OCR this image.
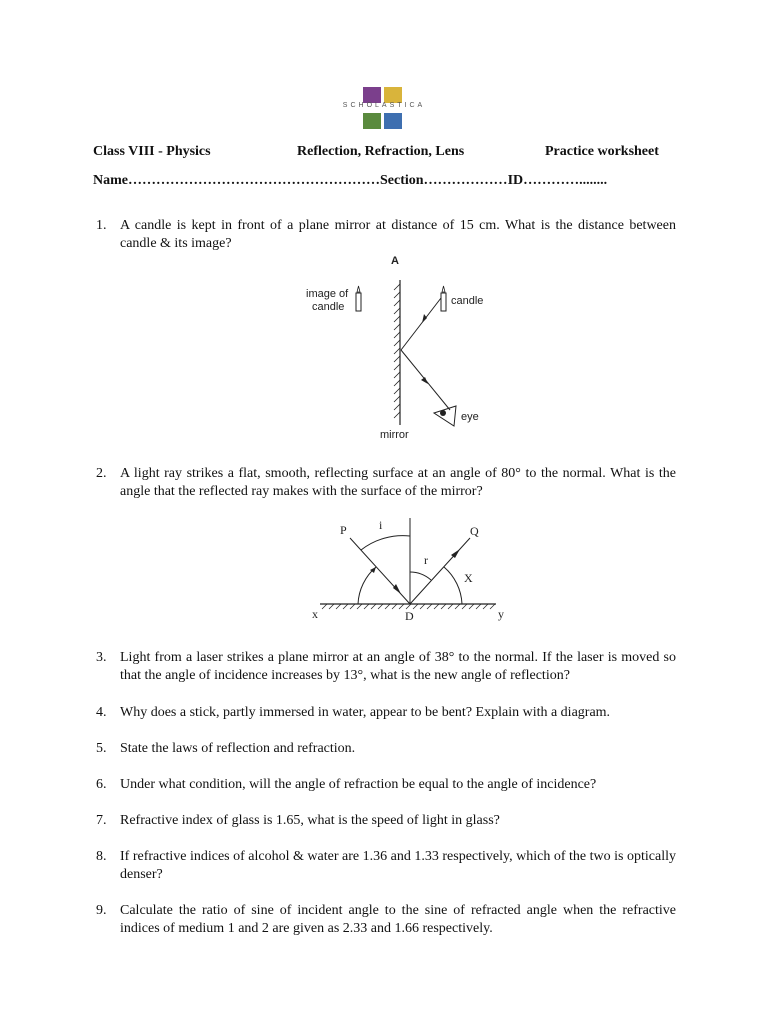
SCHOLASTICA
Class VIII - Physics	Reflection, Refraction, Lens	Practice worksheet
Name………………………………………………Section………………ID…………........
1. A candle is kept in front of a plane mirror at distance of 15 cm. What is the distance between candle & its image?
A
image of
candle	candle
eye
mirror
2. A light ray strikes a flat, smooth, reflecting surface at an angle of 80° to the normal. What is the angle that the reflected ray makes with the surface of the mirror?
P	i	Q
r
X
x	D	y
3. Light from a laser strikes a plane mirror at an angle of 38° to the normal. If the laser is moved so that the angle of incidence increases by 13°, what is the new angle of reflection?
4. Why does a stick, partly immersed in water, appear to be bent? Explain with a diagram.
5. State the laws of reflection and refraction.
6. Under what condition, will the angle of refraction be equal to the angle of incidence?
7. Refractive index of glass is 1.65, what is the speed of light in glass?
8. If refractive indices of alcohol & water are 1.36 and 1.33 respectively, which of the two is optically denser?
9. Calculate the ratio of sine of incident angle to the sine of refracted angle when the refractive indices of medium 1 and 2 are given as 2.33 and 1.66 respectively.
